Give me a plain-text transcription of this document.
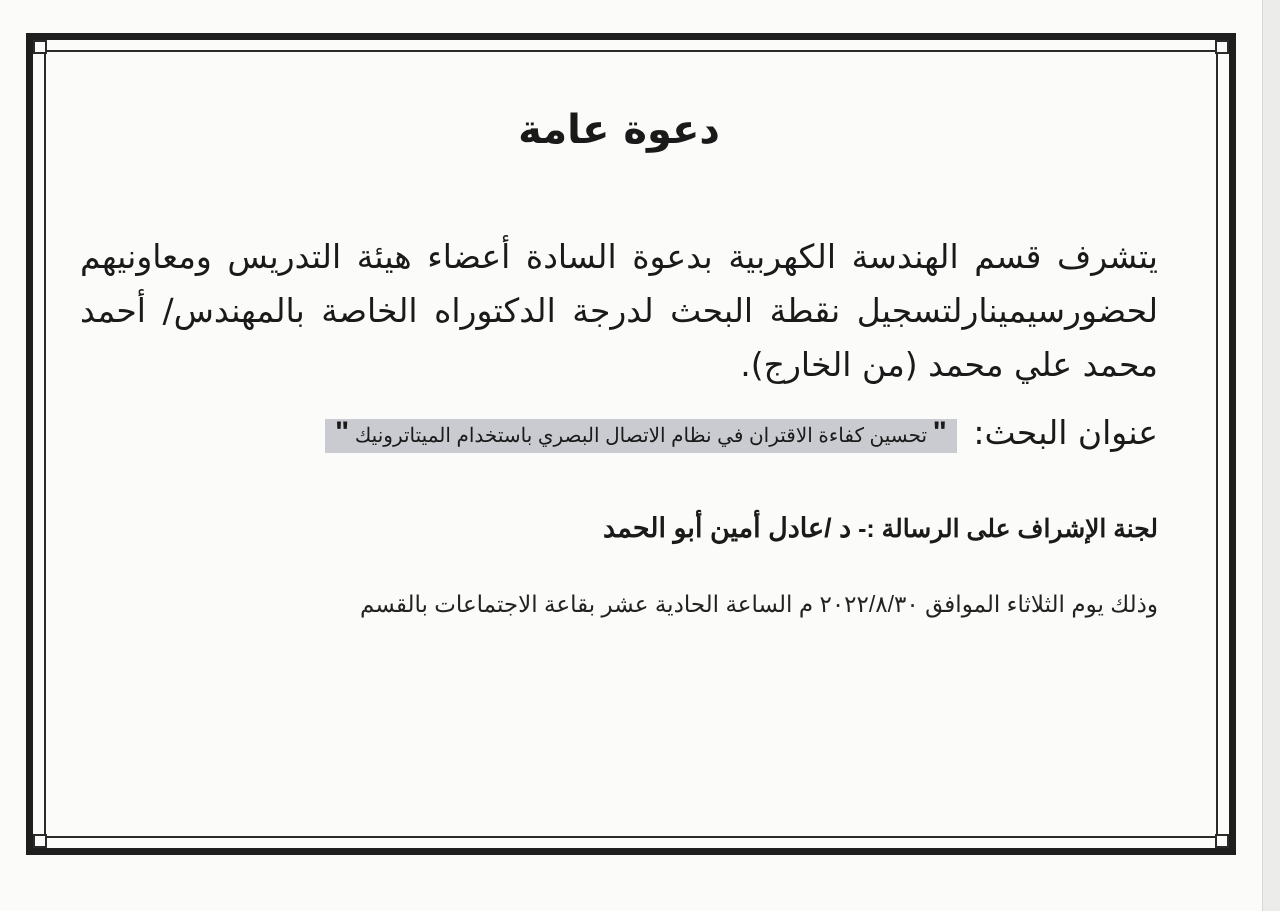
دعوة عامة
يتشرف قسم الهندسة الكهربية بدعوة السادة أعضاء هيئة التدريس ومعاونيهم لحضورسيمينارلتسجيل نقطة البحث لدرجة الدكتوراه الخاصة بالمهندس/ أحمد محمد علي محمد (من الخارج).
عنوان البحث: " تحسين كفاءة الاقتران في نظام الاتصال البصري باستخدام الميتاترونيك "
لجنة الإشراف على الرسالة :- د /عادل أمين أبو الحمد
وذلك يوم الثلاثاء الموافق ٢٠٢٢/٨/٣٠ م الساعة الحادية عشر بقاعة الاجتماعات بالقسم
